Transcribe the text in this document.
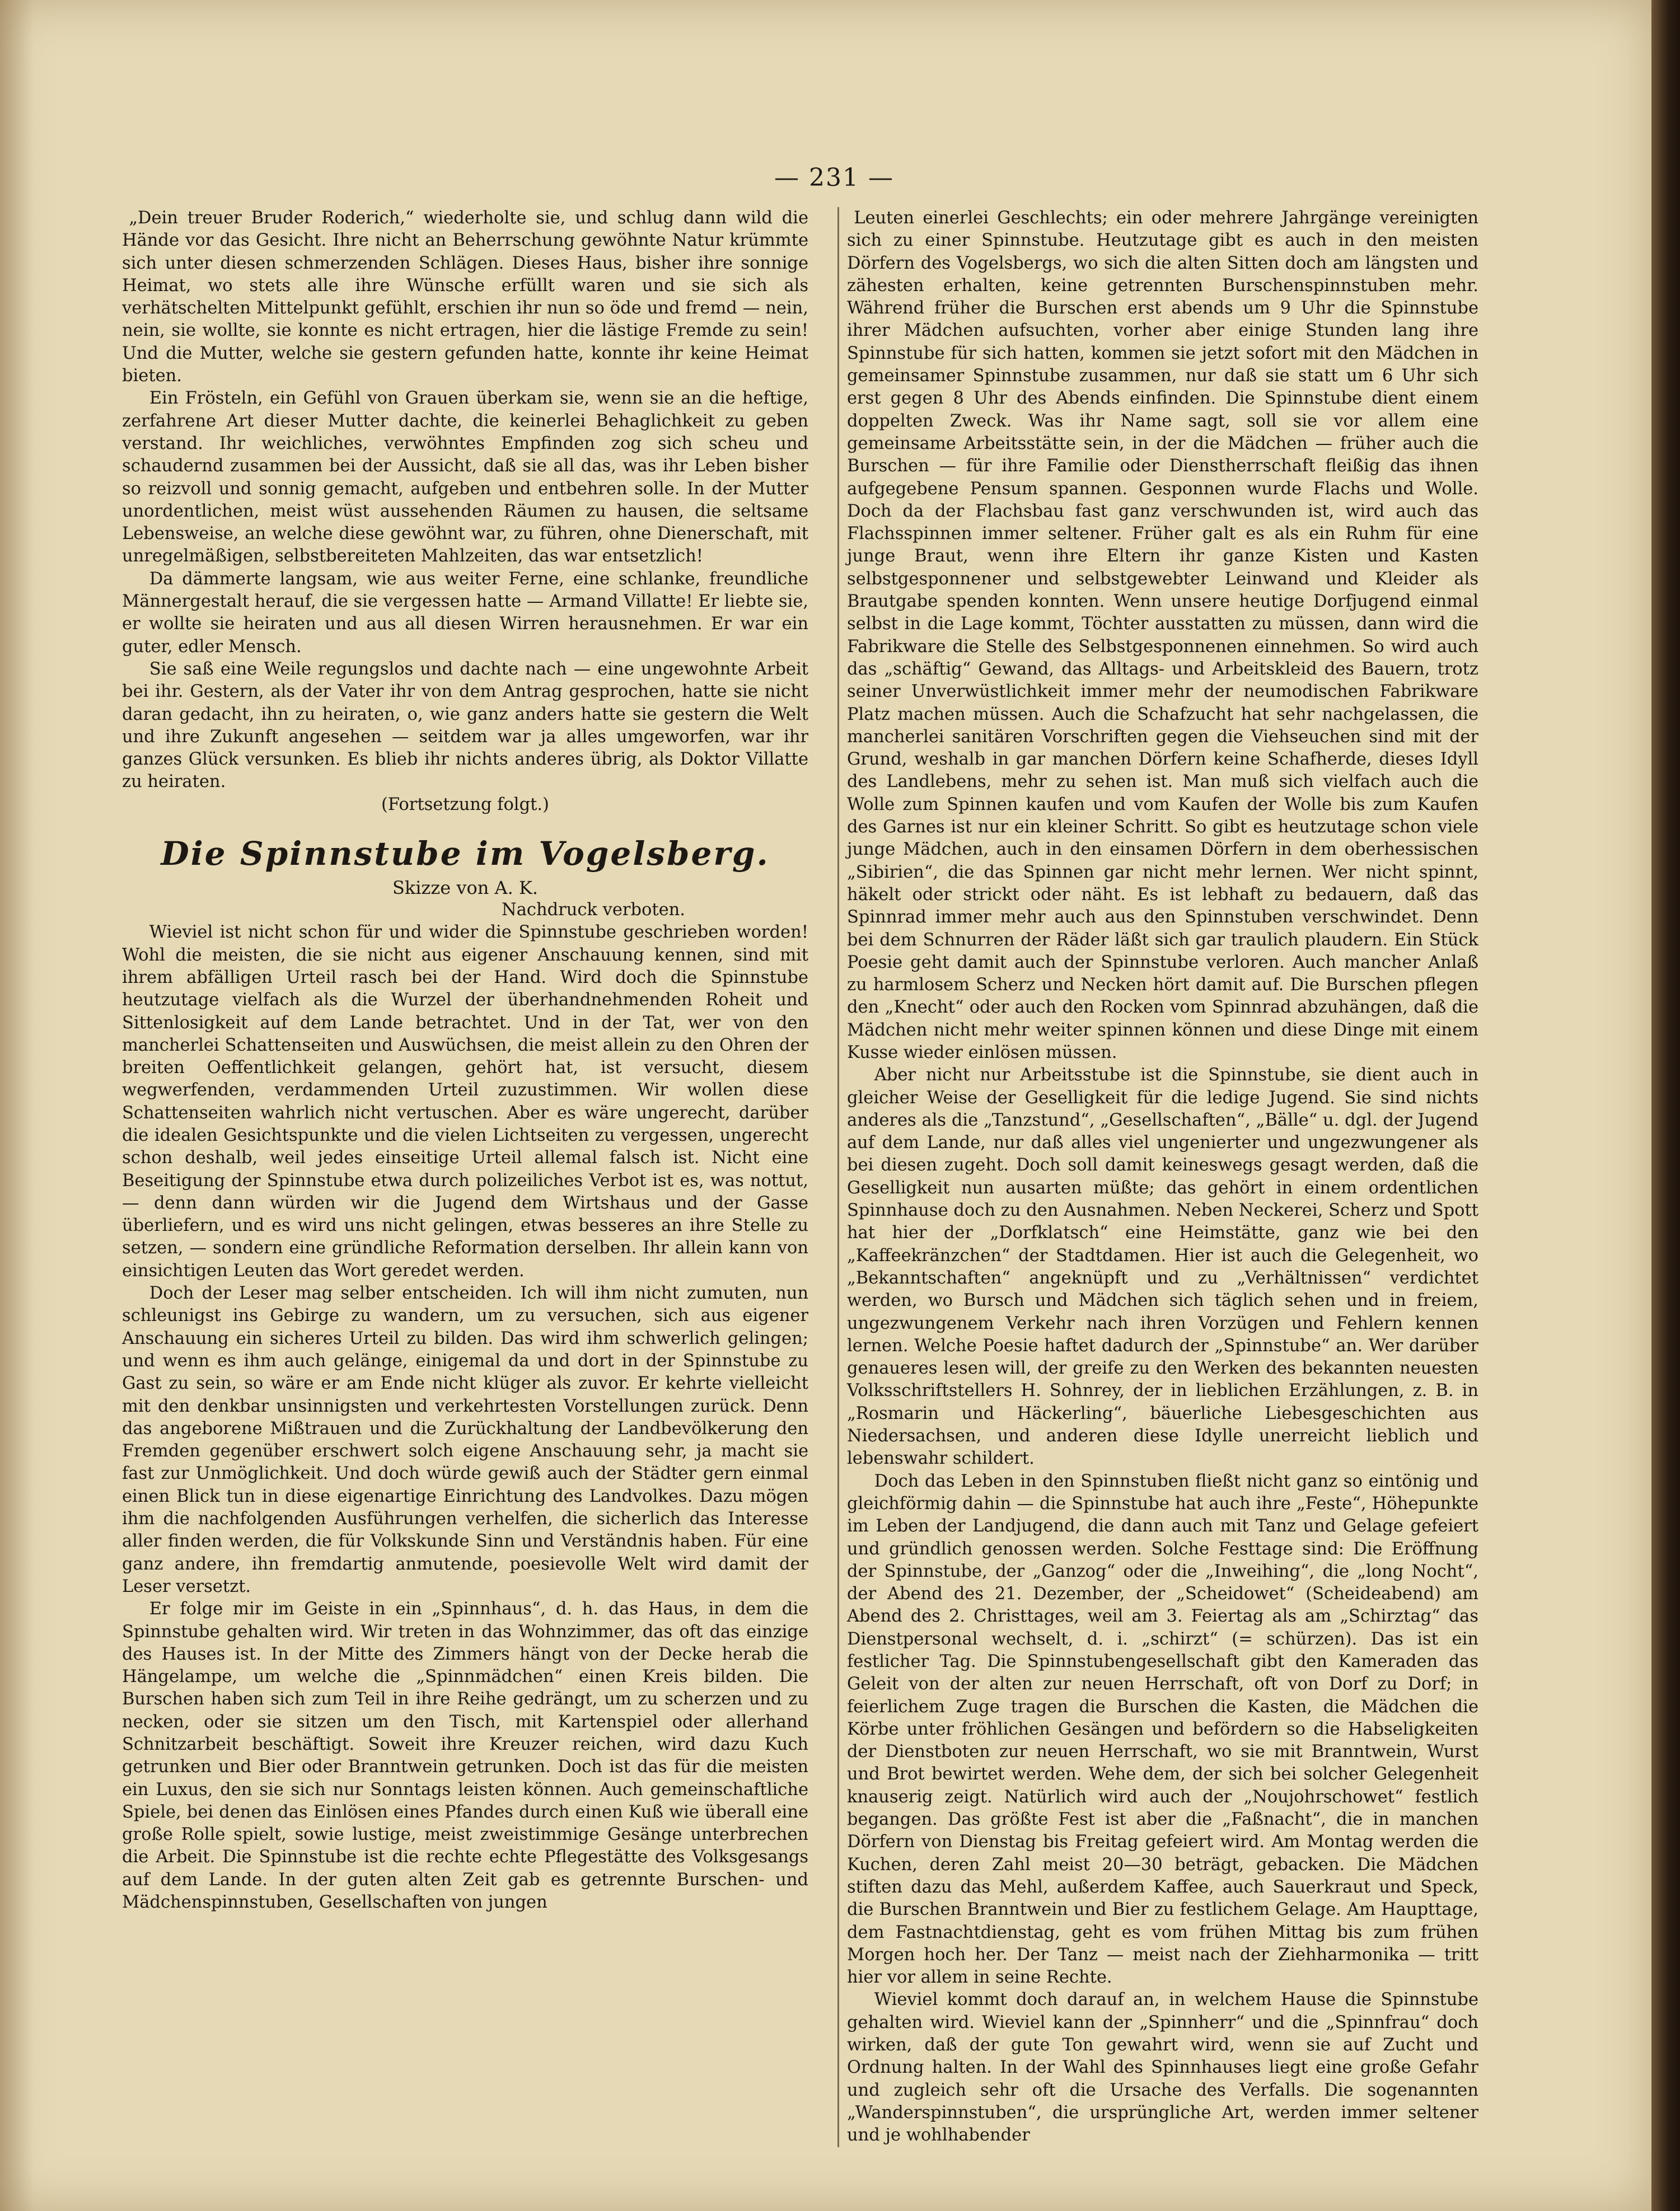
— 231 —

„Dein treuer Bruder Roderich,“ wiederholte sie, und schlug dann wild die Hände vor das Gesicht. Ihre nicht an Beherrschung gewöhnte Natur krümmte sich unter diesen schmerzenden Schlägen. Dieses Haus, bisher ihre sonnige Heimat, wo stets alle ihre Wünsche erfüllt waren und sie sich als verhätschelten Mittelpunkt gefühlt, erschien ihr nun so öde und fremd — nein, nein, sie wollte, sie konnte es nicht ertragen, hier die lästige Fremde zu sein! Und die Mutter, welche sie gestern gefunden hatte, konnte ihr keine Heimat bieten.

Ein Frösteln, ein Gefühl von Grauen überkam sie, wenn sie an die heftige, zerfahrene Art dieser Mutter dachte, die keinerlei Behaglichkeit zu geben verstand. Ihr weichliches, verwöhntes Empfinden zog sich scheu und schaudernd zusammen bei der Aussicht, daß sie all das, was ihr Leben bisher so reizvoll und sonnig gemacht, aufgeben und entbehren solle. In der Mutter unordentlichen, meist wüst aussehenden Räumen zu hausen, die seltsame Lebensweise, an welche diese gewöhnt war, zu führen, ohne Dienerschaft, mit unregelmäßigen, selbstbereiteten Mahlzeiten, das war entsetzlich!

Da dämmerte langsam, wie aus weiter Ferne, eine schlanke, freundliche Männergestalt herauf, die sie vergessen hatte — Armand Villatte! Er liebte sie, er wollte sie heiraten und aus all diesen Wirren herausnehmen. Er war ein guter, edler Mensch.

Sie saß eine Weile regungslos und dachte nach — eine ungewohnte Arbeit bei ihr. Gestern, als der Vater ihr von dem Antrag gesprochen, hatte sie nicht daran gedacht, ihn zu heiraten, o, wie ganz anders hatte sie gestern die Welt und ihre Zukunft angesehen — seitdem war ja alles umgeworfen, war ihr ganzes Glück versunken. Es blieb ihr nichts anderes übrig, als Doktor Villatte zu heiraten.

(Fortsetzung folgt.)

Die Spinnstube im Vogelsberg.

Skizze von A. K.

Nachdruck verboten.

Wieviel ist nicht schon für und wider die Spinnstube geschrieben worden! Wohl die meisten, die sie nicht aus eigener Anschauung kennen, sind mit ihrem abfälligen Urteil rasch bei der Hand. Wird doch die Spinnstube heutzutage vielfach als die Wurzel der überhandnehmenden Roheit und Sittenlosigkeit auf dem Lande betrachtet. Und in der Tat, wer von den mancherlei Schattenseiten und Auswüchsen, die meist allein zu den Ohren der breiten Oeffentlichkeit gelangen, gehört hat, ist versucht, diesem wegwerfenden, verdammenden Urteil zuzustimmen. Wir wollen diese Schattenseiten wahrlich nicht vertuschen. Aber es wäre ungerecht, darüber die idealen Gesichtspunkte und die vielen Lichtseiten zu vergessen, ungerecht schon deshalb, weil jedes einseitige Urteil allemal falsch ist. Nicht eine Beseitigung der Spinnstube etwa durch polizeiliches Verbot ist es, was nottut, — denn dann würden wir die Jugend dem Wirtshaus und der Gasse überliefern, und es wird uns nicht gelingen, etwas besseres an ihre Stelle zu setzen, — sondern eine gründliche Reformation derselben. Ihr allein kann von einsichtigen Leuten das Wort geredet werden.

Doch der Leser mag selber entscheiden. Ich will ihm nicht zumuten, nun schleunigst ins Gebirge zu wandern, um zu versuchen, sich aus eigener Anschauung ein sicheres Urteil zu bilden. Das wird ihm schwerlich gelingen; und wenn es ihm auch gelänge, einigemal da und dort in der Spinnstube zu Gast zu sein, so wäre er am Ende nicht klüger als zuvor. Er kehrte vielleicht mit den denkbar unsinnigsten und verkehrtesten Vorstellungen zurück. Denn das angeborene Mißtrauen und die Zurückhaltung der Landbevölkerung den Fremden gegenüber erschwert solch eigene Anschauung sehr, ja macht sie fast zur Unmöglichkeit. Und doch würde gewiß auch der Städter gern einmal einen Blick tun in diese eigenartige Einrichtung des Landvolkes. Dazu mögen ihm die nachfolgenden Ausführungen verhelfen, die sicherlich das Interesse aller finden werden, die für Volkskunde Sinn und Verständnis haben. Für eine ganz andere, ihn fremdartig anmutende, poesievolle Welt wird damit der Leser versetzt.

Er folge mir im Geiste in ein „Spinnhaus“, d. h. das Haus, in dem die Spinnstube gehalten wird. Wir treten in das Wohnzimmer, das oft das einzige des Hauses ist. In der Mitte des Zimmers hängt von der Decke herab die Hängelampe, um welche die „Spinnmädchen“ einen Kreis bilden. Die Burschen haben sich zum Teil in ihre Reihe gedrängt, um zu scherzen und zu necken, oder sie sitzen um den Tisch, mit Kartenspiel oder allerhand Schnitzarbeit beschäftigt. Soweit ihre Kreuzer reichen, wird dazu Kuch getrunken und Bier oder Branntwein getrunken. Doch ist das für die meisten ein Luxus, den sie sich nur Sonntags leisten können. Auch gemeinschaftliche Spiele, bei denen das Einlösen eines Pfandes durch einen Kuß wie überall eine große Rolle spielt, sowie lustige, meist zweistimmige Gesänge unterbrechen die Arbeit. Die Spinnstube ist die rechte echte Pflegestätte des Volksgesangs auf dem Lande. In der guten alten Zeit gab es getrennte Burschen- und Mädchenspinnstuben, Gesellschaften von jungen

Leuten einerlei Geschlechts; ein oder mehrere Jahrgänge vereinigten sich zu einer Spinnstube. Heutzutage gibt es auch in den meisten Dörfern des Vogelsbergs, wo sich die alten Sitten doch am längsten und zähesten erhalten, keine getrennten Burschenspinnstuben mehr. Während früher die Burschen erst abends um 9 Uhr die Spinnstube ihrer Mädchen aufsuchten, vorher aber einige Stunden lang ihre Spinnstube für sich hatten, kommen sie jetzt sofort mit den Mädchen in gemeinsamer Spinnstube zusammen, nur daß sie statt um 6 Uhr sich erst gegen 8 Uhr des Abends einfinden. Die Spinnstube dient einem doppelten Zweck. Was ihr Name sagt, soll sie vor allem eine gemeinsame Arbeitsstätte sein, in der die Mädchen — früher auch die Burschen — für ihre Familie oder Dienstherrschaft fleißig das ihnen aufgegebene Pensum spannen. Gesponnen wurde Flachs und Wolle. Doch da der Flachsbau fast ganz verschwunden ist, wird auch das Flachsspinnen immer seltener. Früher galt es als ein Ruhm für eine junge Braut, wenn ihre Eltern ihr ganze Kisten und Kasten selbstgesponnener und selbstgewebter Leinwand und Kleider als Brautgabe spenden konnten. Wenn unsere heutige Dorfjugend einmal selbst in die Lage kommt, Töchter ausstatten zu müssen, dann wird die Fabrikware die Stelle des Selbstgesponnenen einnehmen. So wird auch das „schäftig“ Gewand, das Alltags- und Arbeitskleid des Bauern, trotz seiner Unverwüstlichkeit immer mehr der neumodischen Fabrikware Platz machen müssen. Auch die Schafzucht hat sehr nachgelassen, die mancherlei sanitären Vorschriften gegen die Viehseuchen sind mit der Grund, weshalb in gar manchen Dörfern keine Schafherde, dieses Idyll des Landlebens, mehr zu sehen ist. Man muß sich vielfach auch die Wolle zum Spinnen kaufen und vom Kaufen der Wolle bis zum Kaufen des Garnes ist nur ein kleiner Schritt. So gibt es heutzutage schon viele junge Mädchen, auch in den einsamen Dörfern in dem oberhessischen „Sibirien“, die das Spinnen gar nicht mehr lernen. Wer nicht spinnt, häkelt oder strickt oder näht. Es ist lebhaft zu bedauern, daß das Spinnrad immer mehr auch aus den Spinnstuben verschwindet. Denn bei dem Schnurren der Räder läßt sich gar traulich plaudern. Ein Stück Poesie geht damit auch der Spinnstube verloren. Auch mancher Anlaß zu harmlosem Scherz und Necken hört damit auf. Die Burschen pflegen den „Knecht“ oder auch den Rocken vom Spinnrad abzuhängen, daß die Mädchen nicht mehr weiter spinnen können und diese Dinge mit einem Kusse wieder einlösen müssen.

Aber nicht nur Arbeitsstube ist die Spinnstube, sie dient auch in gleicher Weise der Geselligkeit für die ledige Jugend. Sie sind nichts anderes als die „Tanzstund“, „Gesellschaften“, „Bälle“ u. dgl. der Jugend auf dem Lande, nur daß alles viel ungenierter und ungezwungener als bei diesen zugeht. Doch soll damit keineswegs gesagt werden, daß die Geselligkeit nun ausarten müßte; das gehört in einem ordentlichen Spinnhause doch zu den Ausnahmen. Neben Neckerei, Scherz und Spott hat hier der „Dorfklatsch“ eine Heimstätte, ganz wie bei den „Kaffeekränzchen“ der Stadtdamen. Hier ist auch die Gelegenheit, wo „Bekanntschaften“ angeknüpft und zu „Verhältnissen“ verdichtet werden, wo Bursch und Mädchen sich täglich sehen und in freiem, ungezwungenem Verkehr nach ihren Vorzügen und Fehlern kennen lernen. Welche Poesie haftet dadurch der „Spinnstube“ an. Wer darüber genaueres lesen will, der greife zu den Werken des bekannten neuesten Volksschriftstellers H. Sohnrey, der in lieblichen Erzählungen, z. B. in „Rosmarin und Häckerling“, bäuerliche Liebesgeschichten aus Niedersachsen, und anderen diese Idylle unerreicht lieblich und lebenswahr schildert.

Doch das Leben in den Spinnstuben fließt nicht ganz so eintönig und gleichförmig dahin — die Spinnstube hat auch ihre „Feste“, Höhepunkte im Leben der Landjugend, die dann auch mit Tanz und Gelage gefeiert und gründlich genossen werden. Solche Festtage sind: Die Eröffnung der Spinnstube, der „Ganzog“ oder die „Inweihing“, die „long Nocht“, der Abend des 21. Dezember, der „Scheidowet“ (Scheideabend) am Abend des 2. Christtages, weil am 3. Feiertag als am „Schirztag“ das Dienstpersonal wechselt, d. i. „schirzt“ (= schürzen). Das ist ein festlicher Tag. Die Spinnstubengesellschaft gibt den Kameraden das Geleit von der alten zur neuen Herrschaft, oft von Dorf zu Dorf; in feierlichem Zuge tragen die Burschen die Kasten, die Mädchen die Körbe unter fröhlichen Gesängen und befördern so die Habseligkeiten der Dienstboten zur neuen Herrschaft, wo sie mit Branntwein, Wurst und Brot bewirtet werden. Wehe dem, der sich bei solcher Gelegenheit knauserig zeigt. Natürlich wird auch der „Noujohrschowet“ festlich begangen. Das größte Fest ist aber die „Faßnacht“, die in manchen Dörfern von Dienstag bis Freitag gefeiert wird. Am Montag werden die Kuchen, deren Zahl meist 20—30 beträgt, gebacken. Die Mädchen stiften dazu das Mehl, außerdem Kaffee, auch Sauerkraut und Speck, die Burschen Branntwein und Bier zu festlichem Gelage. Am Haupttage, dem Fastnachtdienstag, geht es vom frühen Mittag bis zum frühen Morgen hoch her. Der Tanz — meist nach der Ziehharmonika — tritt hier vor allem in seine Rechte.

Wieviel kommt doch darauf an, in welchem Hause die Spinnstube gehalten wird. Wieviel kann der „Spinnherr“ und die „Spinnfrau“ doch wirken, daß der gute Ton gewahrt wird, wenn sie auf Zucht und Ordnung halten. In der Wahl des Spinnhauses liegt eine große Gefahr und zugleich sehr oft die Ursache des Verfalls. Die sogenannten „Wanderspinnstuben“, die ursprüngliche Art, werden immer seltener und je wohlhabender
